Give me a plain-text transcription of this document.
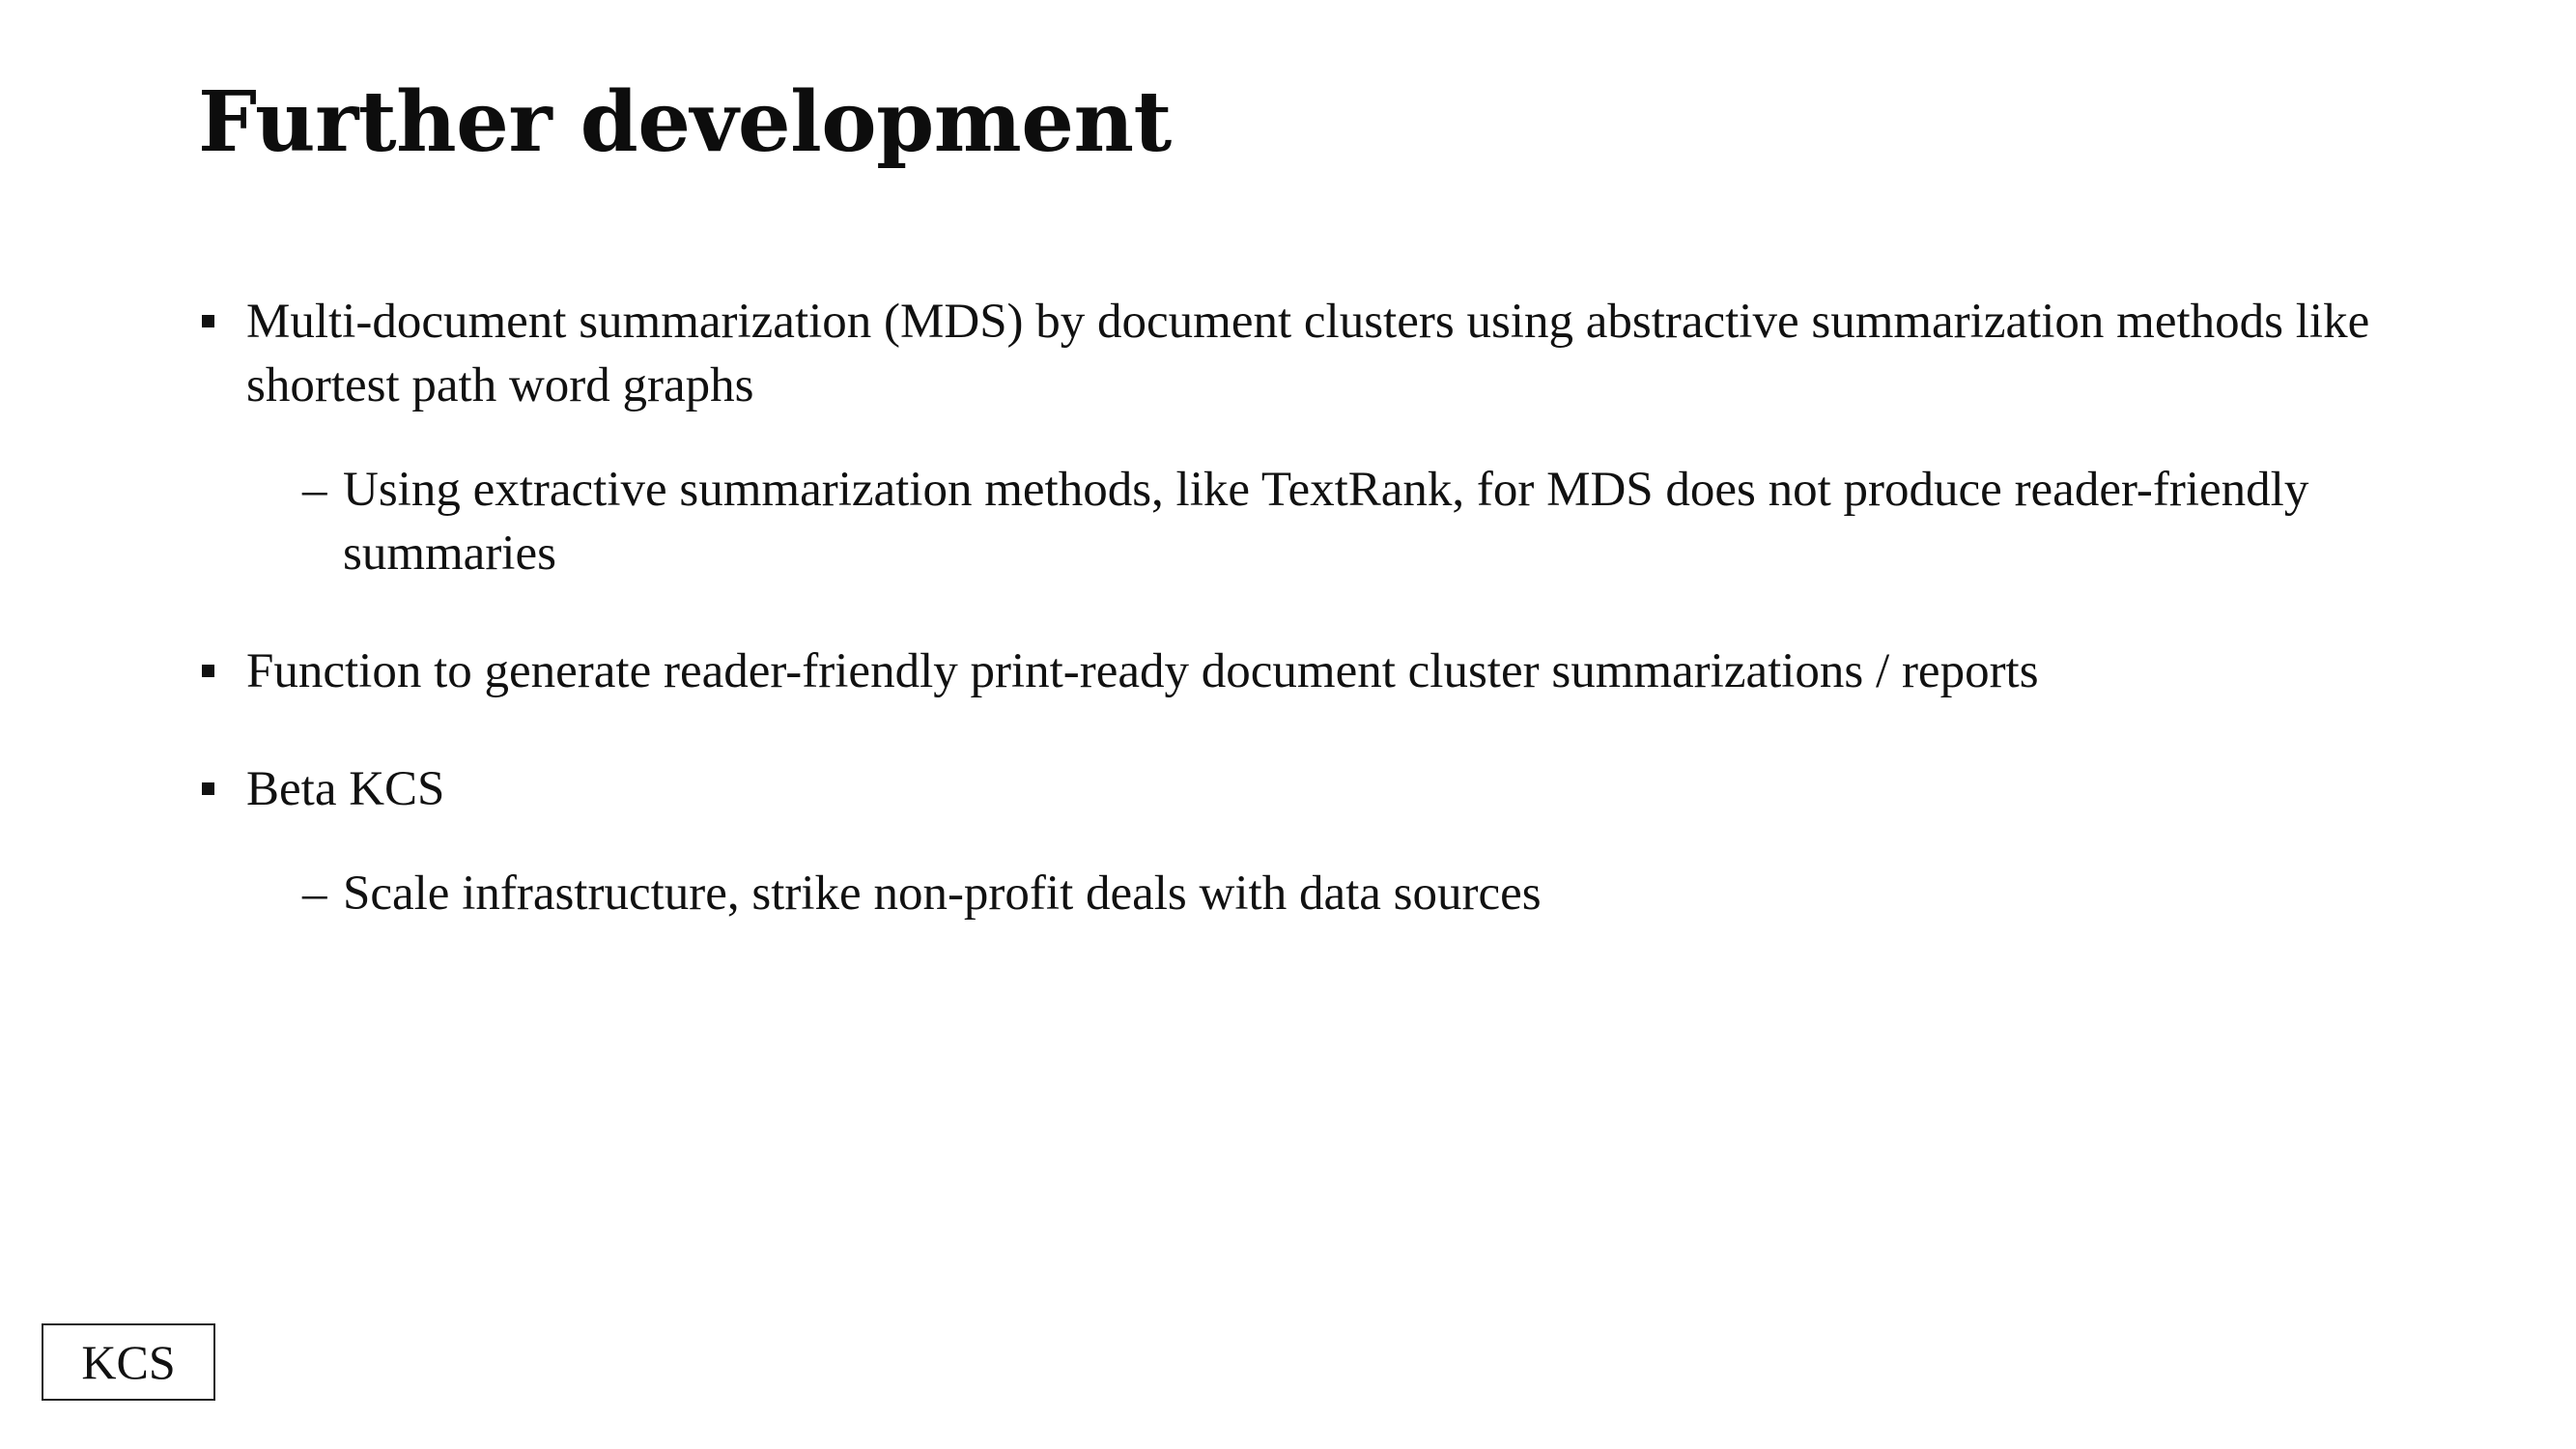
Further development
Multi-document summarization (MDS) by document clusters using abstractive summarization methods like shortest path word graphs
– Using extractive summarization methods, like TextRank, for MDS does not produce reader-friendly summaries
Function to generate reader-friendly print-ready document cluster summarizations / reports
Beta KCS
– Scale infrastructure, strike non-profit deals with data sources
KCS
